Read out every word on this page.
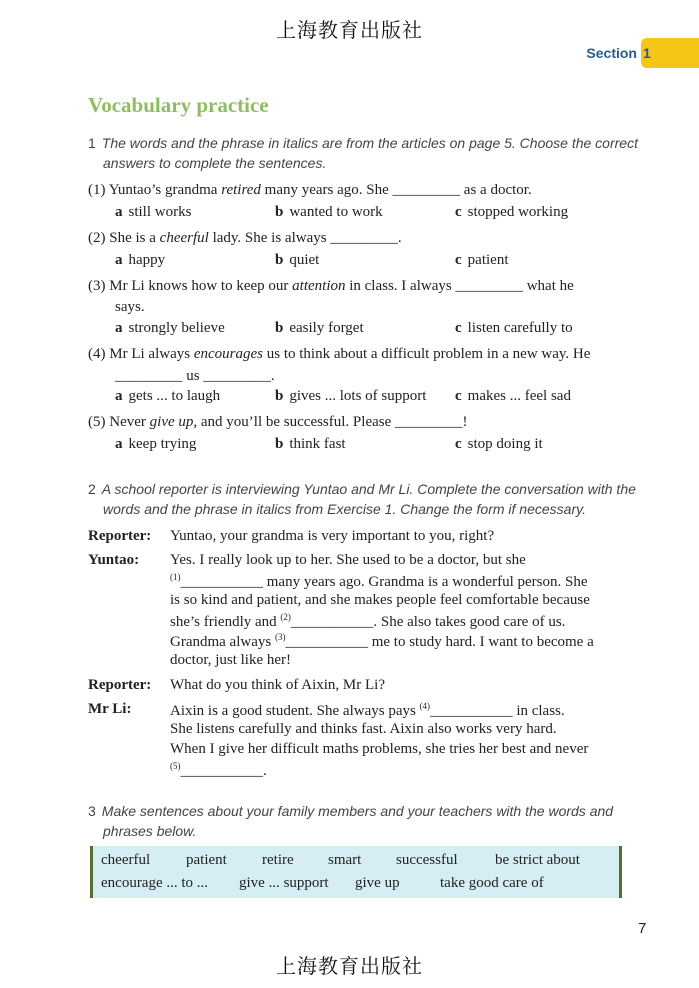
上海教育出版社
Section 1
Vocabulary practice
1 The words and the phrase in italics are from the articles on page 5. Choose the correct
answers to complete the sentences.
(1) Yuntao’s grandma retired many years ago. She _________ as a doctor.
a still works	b wanted to work	c stopped working
(2) She is a cheerful lady. She is always _________.
a happy	b quiet	c patient
(3) Mr Li knows how to keep our attention in class. I always _________ what he
says.
a strongly believe	b easily forget	c listen carefully to
(4) Mr Li always encourages us to think about a difficult problem in a new way. He
_________ us _________.
a gets ... to laugh	b gives ... lots of support c makes ... feel sad
(5) Never give up, and you’ll be successful. Please _________!
a keep trying	b think fast	c stop doing it
2 A school reporter is interviewing Yuntao and Mr Li. Complete the conversation with the
words and the phrase in italics from Exercise 1. Change the form if necessary.
Reporter: Yuntao, your grandma is very important to you, right?
Yuntao: Yes. I really look up to her. She used to be a doctor, but she
$^{(1)}$___________ many years ago. Grandma is a wonderful person. She
is so kind and patient, and she makes people feel comfortable because
she’s friendly and $^{(2)}$___________. She also takes good care of us.
Grandma always $^{(3)}$___________ me to study hard. I want to become a
doctor, just like her!
Reporter: What do you think of Aixin, Mr Li?
Mr Li:	Aixin is a good student. She always pays $^{(4)}$___________ in class.
She listens carefully and thinks fast. Aixin also works very hard.
When I give her difficult maths problems, she tries her best and never
$^{(5)}$___________.
3 Make sentences about your family members and your teachers with the words and
phrases below.
cheerful patient retire smart successful be strict about
encourage ... to ... give ... support give up	take good care of
7
上海教育出版社
